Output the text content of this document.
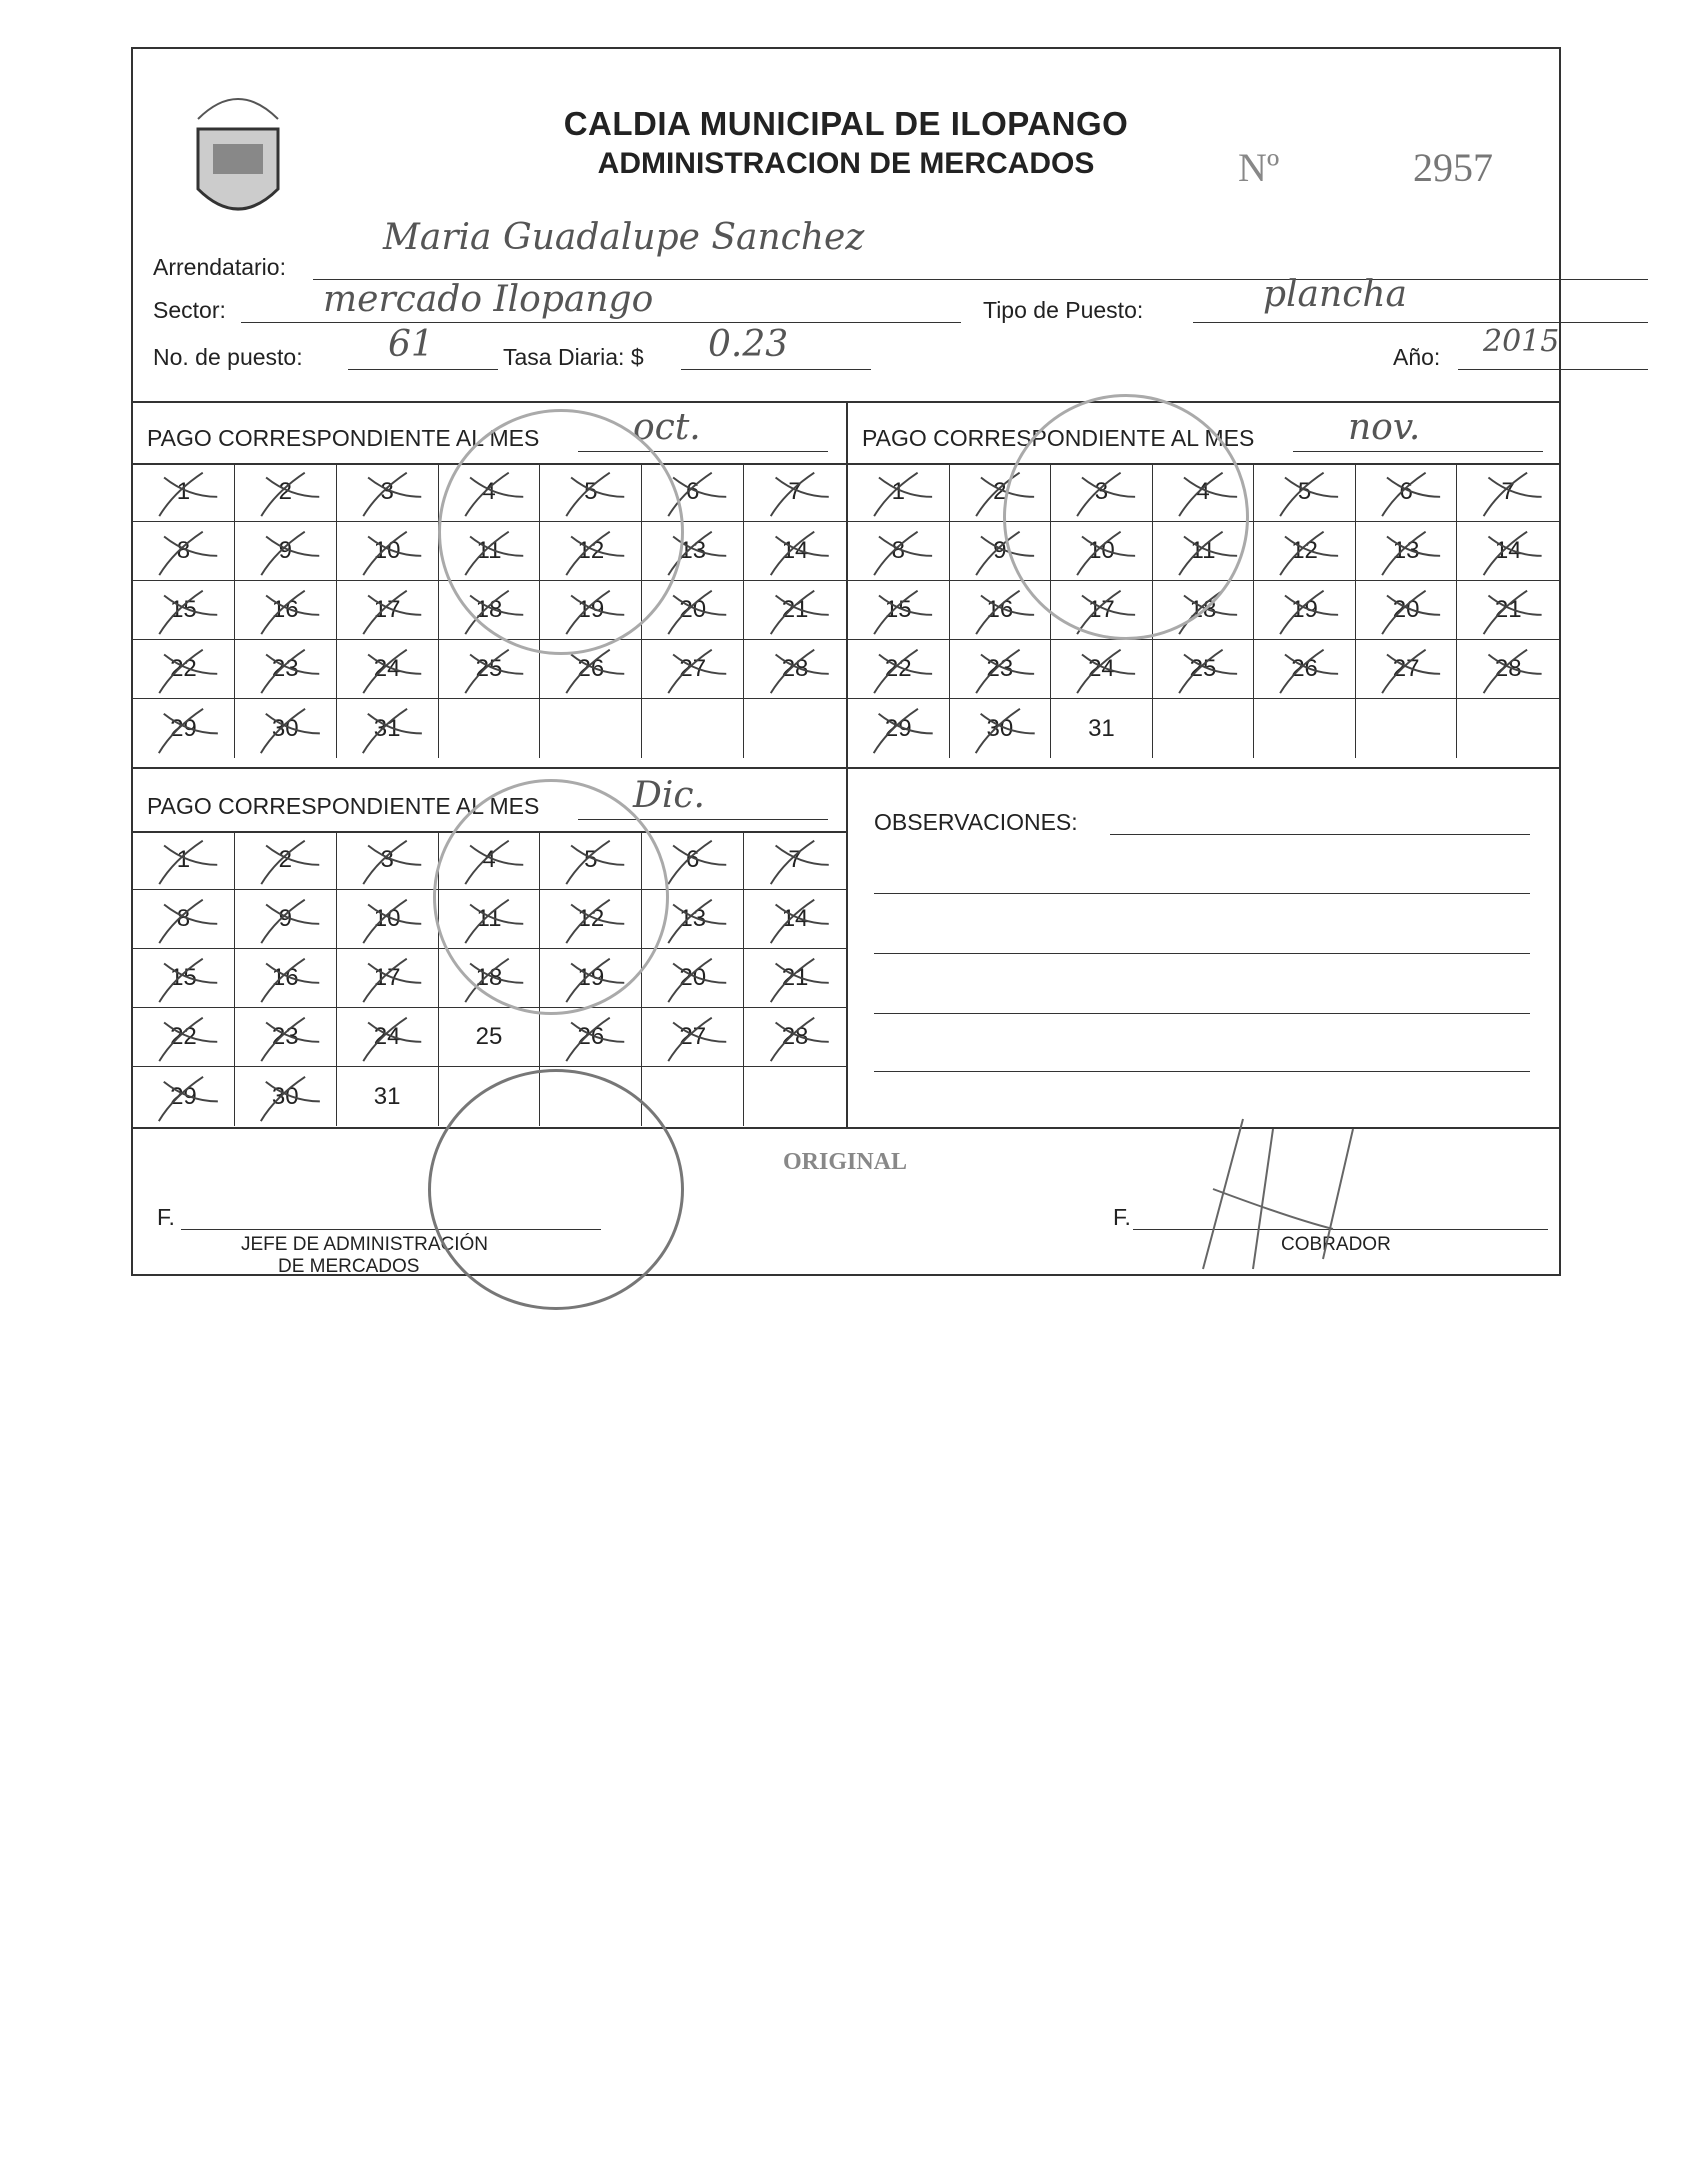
CALDIA MUNICIPAL DE ILOPANGO
ADMINISTRACION DE MERCADOS	Nº	2957
Arrendatario:
Maria Guadalupe Sanchez
Sector:	mercado Ilopango	Tipo de Puesto:	plancha
No. de puesto: 61	Tasa Diaria: $ 0.23	Año: 2015
PAGO CORRESPONDIENTE AL MES	oct.
1	2	3	4	5	6	7
8	9	10	11	12	13	14
15	16	17	18	19	20	21
22	23	24	25	26	27	28
29	30	31
PAGO CORRESPONDIENTE AL MES	nov.
1	2	3	4	5	6	7
8	9	10	11	12	13	14
15	16	17	18	19	20	21
22	23	24	25	26	27	28
29	30	31
PAGO CORRESPONDIENTE AL MES	Dic.
1	2	3	4	5	6	7
8	9	10	11	12	13	14
15	16	17	18	19	20	21
22	23	24	25	26	27	28
29	30	31
OBSERVACIONES:
F.
JEFE DE ADMINISTRACIÓN
DE MERCADOS
F.
COBRADOR
ORIGINAL
